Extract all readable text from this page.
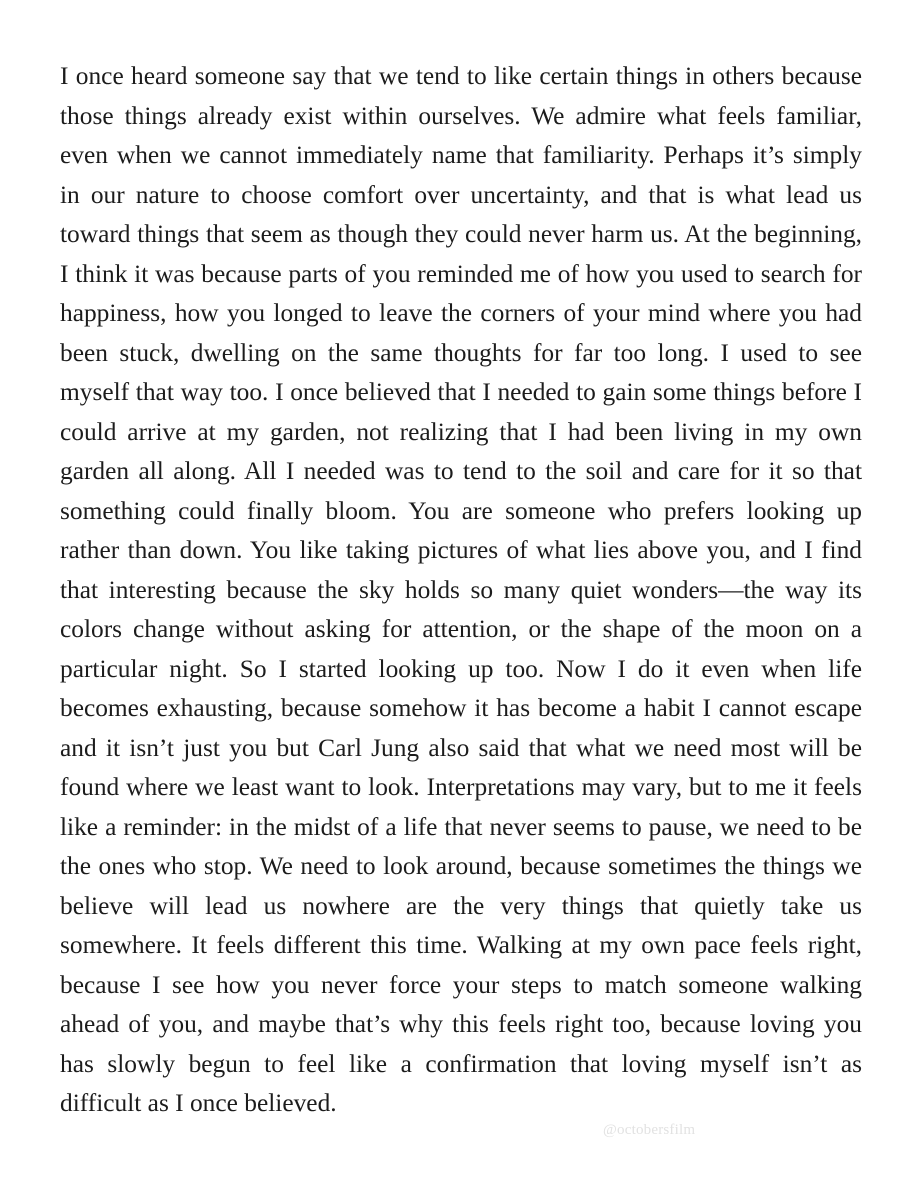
I once heard someone say that we tend to like certain things in others because those things already exist within ourselves. We admire what feels familiar, even when we cannot immediately name that familiarity. Perhaps it’s simply in our nature to choose comfort over uncertainty, and that is what lead us toward things that seem as though they could never harm us. At the beginning, I think it was because parts of you reminded me of how you used to search for happiness, how you longed to leave the corners of your mind where you had been stuck, dwelling on the same thoughts for far too long. I used to see myself that way too. I once believed that I needed to gain some things before I could arrive at my garden, not realizing that I had been living in my own garden all along. All I needed was to tend to the soil and care for it so that something could finally bloom. You are someone who prefers looking up rather than down. You like taking pictures of what lies above you, and I find that interesting because the sky holds so many quiet wonders—the way its colors change without asking for attention, or the shape of the moon on a particular night. So I started looking up too. Now I do it even when life becomes exhausting, because somehow it has become a habit I cannot escape and it isn’t just you but Carl Jung also said that what we need most will be found where we least want to look. Interpretations may vary, but to me it feels like a reminder: in the midst of a life that never seems to pause, we need to be the ones who stop. We need to look around, because sometimes the things we believe will lead us nowhere are the very things that quietly take us somewhere. It feels different this time. Walking at my own pace feels right, because I see how you never force your steps to match someone walking ahead of you, and maybe that’s why this feels right too, because loving you has slowly begun to feel like a confirmation that loving myself isn’t as difficult as I once believed.

@octobersfilm
